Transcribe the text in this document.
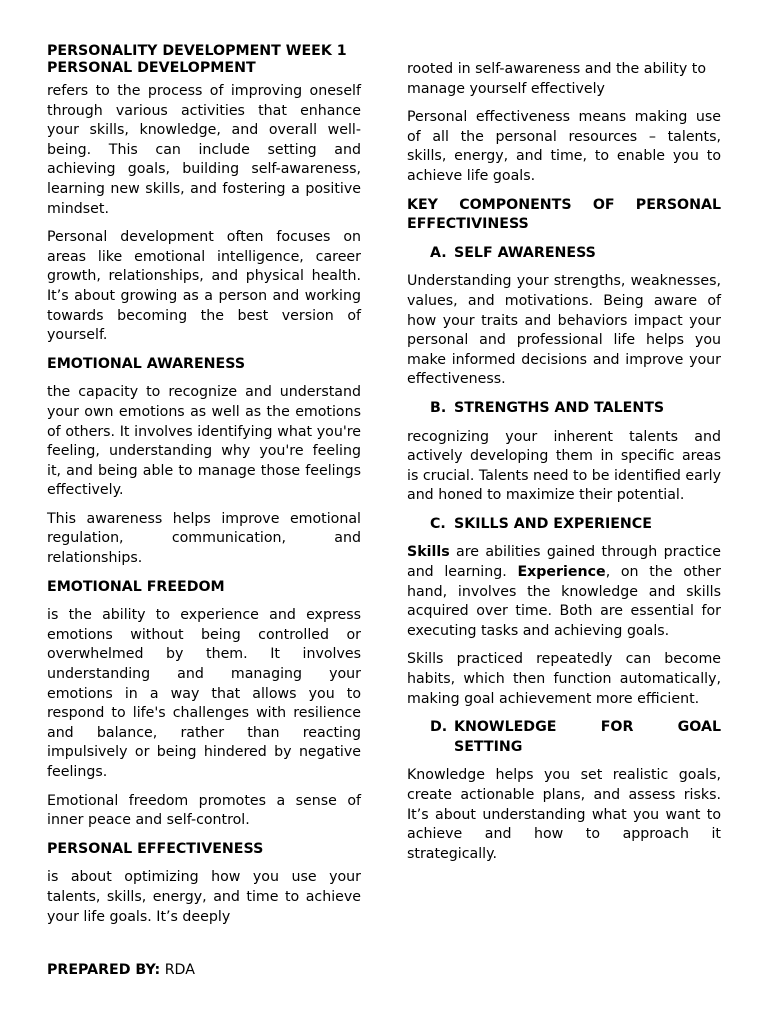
PERSONALITY DEVELOPMENT WEEK 1
PERSONAL DEVELOPMENT

refers to the process of improving oneself through various activities that enhance your skills, knowledge, and overall well-being. This can include setting and achieving goals, building self-awareness, learning new skills, and fostering a positive mindset.

Personal development often focuses on areas like emotional intelligence, career growth, relationships, and physical health. It’s about growing as a person and working towards becoming the best version of yourself.

EMOTIONAL AWARENESS

the capacity to recognize and understand your own emotions as well as the emotions of others. It involves identifying what you're feeling, understanding why you're feeling it, and being able to manage those feelings effectively.

This awareness helps improve emotional regulation, communication, and relationships.

EMOTIONAL FREEDOM

is the ability to experience and express emotions without being controlled or overwhelmed by them. It involves understanding and managing your emotions in a way that allows you to respond to life's challenges with resilience and balance, rather than reacting impulsively or being hindered by negative feelings.

Emotional freedom promotes a sense of inner peace and self-control.

PERSONAL EFFECTIVENESS

is about optimizing how you use your talents, skills, energy, and time to achieve your life goals. It’s deeply

rooted in self-awareness and the ability to manage yourself effectively

Personal effectiveness means making use of all the personal resources – talents, skills, energy, and time, to enable you to achieve life goals.

KEY COMPONENTS OF PERSONAL EFFECTIVINESS
A. SELF AWARENESS

Understanding your strengths, weaknesses, values, and motivations. Being aware of how your traits and behaviors impact your personal and professional life helps you make informed decisions and improve your effectiveness.

B. STRENGTHS AND TALENTS

recognizing your inherent talents and actively developing them in specific areas is crucial. Talents need to be identified early and honed to maximize their potential.

C. SKILLS AND EXPERIENCE

Skills are abilities gained through practice and learning. Experience, on the other hand, involves the knowledge and skills acquired over time. Both are essential for executing tasks and achieving goals.

Skills practiced repeatedly can become habits, which then function automatically, making goal achievement more efficient.

D. KNOWLEDGE FOR GOAL
SETTING

Knowledge helps you set realistic goals, create actionable plans, and assess risks. It’s about understanding what you want to achieve and how to approach it strategically.

PREPARED BY: RDA
